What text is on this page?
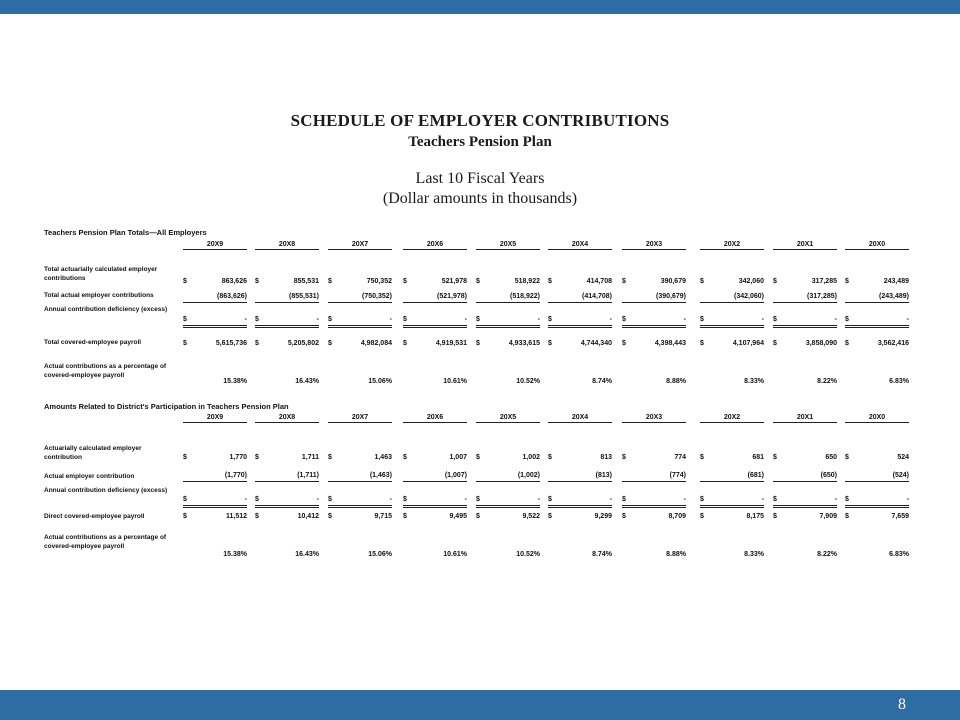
SCHEDULE OF EMPLOYER CONTRIBUTIONS
Teachers Pension Plan
Last 10 Fiscal Years
(Dollar amounts in thousands)
Teachers Pension Plan Totals—All Employers
20X9	20X8	20X7	20X6	20X5	20X4	20X3	20X2	20X1	20X0
Total actuarially calculated employer contributions	$	863,626 $	855,531 $	750,352 $	521,978 $	518,922 $	414,708 $	390,679 $	342,060 $	317,285 $	243,489
Total actual employer contributions	(863,626)	(855,531)	(750,352)	(521,978)	(518,922)	(414,708)	(390,679)	(342,060)	(317,285)	(243,489)
Annual contribution deficiency (excess)
$	- $	- $	- $	- $	- $	- $	- $	- $	- $	-
Total covered-employee payroll	$	5,615,736 $	5,205,802 $	4,982,084 $	4,919,531 $	4,933,615 $	4,744,340 $	4,398,443 $	4,107,964 $	3,858,090 $	3,562,416
Actual contributions as a percentage of covered-employee payroll
15.38%	16.43%	15.06%	10.61%	10.52%	8.74%	8.88%	8.33%	8.22%	6.83%
Amounts Related to District's Participation in Teachers Pension Plan
20X9	20X8	20X7	20X6	20X5	20X4	20X3	20X2	20X1	20X0
Actuarially calculated employer contribution	$	1,770 $	1,711 $	1,463 $	1,007 $	1,002 $	813 $	774 $	681 $	650 $	524
Actual employer contribution	(1,770)	(1,711)	(1,463)	(1,007)	(1,002)	(813)	(774)	(681)	(650)	(524)
Annual contribution deficiency (excess)
$	- $	- $	- $	- $	- $	- $	- $	- $	- $	-
Direct covered-employee payroll	$	11,512 $	10,412 $	9,715 $	9,495 $	9,522 $	9,299 $	8,709 $	8,175 $	7,909 $	7,659
Actual contributions as a percentage of covered-employee payroll
15.38%	16.43%	15.06%	10.61%	10.52%	8.74%	8.88%	8.33%	8.22%	6.83%
8
